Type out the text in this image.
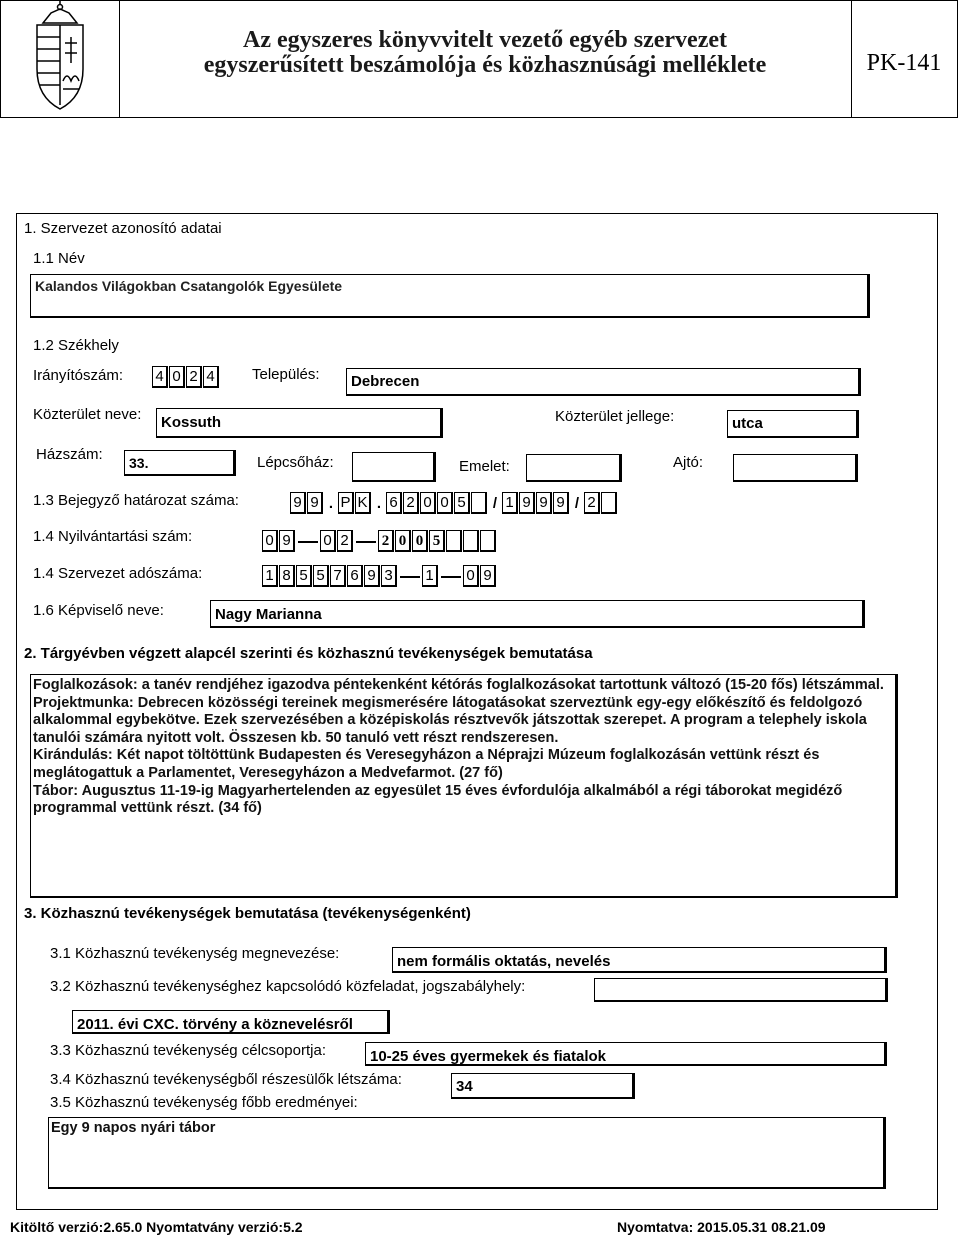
Az egyszeres könyvvitelt vezető egyéb szervezet
egyszerűsített beszámolója és közhasznúsági melléklete	PK-141
1. Szervezet azonosító adatai
1.1 Név
Kalandos Világokban Csatangolók Egyesülete
1.2 Székhely
Irányítószám: 4 0 2 4 Település:	Debrecen
Közterület neve:	Kossuth	Közterület jellege:	utca
Házszám:	33.	Lépcsőház:	Emelet:	Ajtó:
1.3 Bejegyző határozat száma:	9 9 . P K . 6 2 0 0 5	/ 1 9 9 9 / 2
1.4 Nyilvántartási szám:	0 9 0 2 2 0 0 5
1.4 Szervezet adószáma:	1 8 5 5 7 6 9 3 1 0 9
1.6 Képviselő neve:	Nagy Marianna
2. Tárgyévben végzett alapcél szerinti és közhasznú tevékenységek bemutatása
Foglalkozások: a tanév rendjéhez igazodva péntekenként kétórás foglalkozásokat tartottunk változó (15-20 fős) létszámmal.
Projektmunka: Debrecen közösségi tereinek megismerésére látogatásokat szerveztünk egy-egy előkészítő és feldolgozó alkalommal egybekötve. Ezek szervezésében a középiskolás résztvevők játszottak szerepet. A program a telephely iskola tanulói számára nyitott volt. Összesen kb. 50 tanuló vett részt rendszeresen.
Kirándulás: Két napot töltöttünk Budapesten és Veresegyházon a Néprajzi Múzeum foglalkozásán vettünk részt és meglátogattuk a Parlamentet, Veresegyházon a Medvefarmot. (27 fő)
Tábor: Augusztus 11-19-ig Magyarhertelenden az egyesület 15 éves évfordulója alkalmából a régi táborokat megidéző programmal vettünk részt. (34 fő)
3. Közhasznú tevékenységek bemutatása (tevékenységenként)
3.1 Közhasznú tevékenység megnevezése:	nem formális oktatás, nevelés
3.2 Közhasznú tevékenységhez kapcsolódó közfeladat, jogszabályhely:
2011. évi CXC. törvény a köznevelésről
3.3 Közhasznú tevékenység célcsoportja:	10-25 éves gyermekek és fiatalok
3.4 Közhasznú tevékenységből részesülők létszáma:	34
3.5 Közhasznú tevékenység főbb eredményei:
Egy 9 napos nyári tábor
Kitöltő verzió:2.65.0 Nyomtatvány verzió:5.2	Nyomtatva: 2015.05.31 08.21.09
